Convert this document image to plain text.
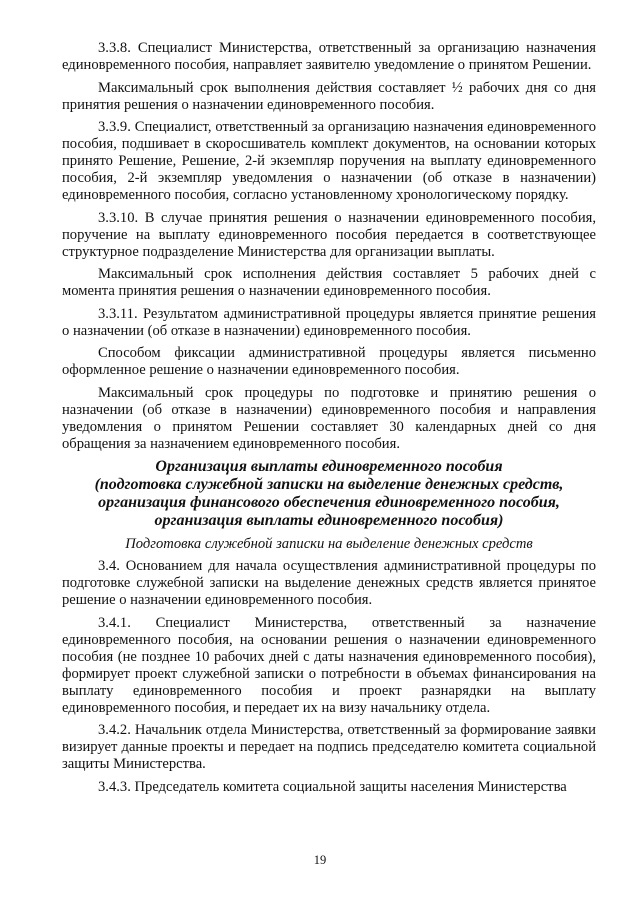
3.3.8. Специалист Министерства, ответственный за организацию назначения единовременного пособия, направляет заявителю уведомление о принятом Решении.

Максимальный срок выполнения действия составляет ½ рабочих дня со дня принятия решения о назначении единовременного пособия.

3.3.9. Специалист, ответственный за организацию назначения единовременного пособия, подшивает в скоросшиватель комплект документов, на основании которых принято Решение, Решение, 2-й экземпляр поручения на выплату единовременного пособия, 2-й экземпляр уведомления о назначении (об отказе в назначении) единовременного пособия, согласно установленному хронологическому порядку.

3.3.10. В случае принятия решения о назначении единовременного пособия, поручение на выплату единовременного пособия передается в соответствующее структурное подразделение Министерства для организации выплаты.

Максимальный срок исполнения действия составляет 5 рабочих дней с момента принятия решения о назначении единовременного пособия.

3.3.11. Результатом административной процедуры является принятие решения о назначении (об отказе в назначении) единовременного пособия.

Способом фиксации административной процедуры является письменно оформленное решение о назначении единовременного пособия.

Максимальный срок процедуры по подготовке и принятию решения о назначении (об отказе в назначении) единовременного пособия и направления уведомления о принятом Решении составляет 30 календарных дней со дня обращения за назначением единовременного пособия.

Организация выплаты единовременного пособия
(подготовка служебной записки на выделение денежных средств,
организация финансового обеспечения единовременного пособия,
организация выплаты единовременного пособия)

Подготовка служебной записки на выделение денежных средств

3.4. Основанием для начала осуществления административной процедуры по подготовке служебной записки на выделение денежных средств является принятое решение о назначении единовременного пособия.

3.4.1. Специалист Министерства, ответственный за назначение единовременного пособия, на основании решения о назначении единовременного пособия (не позднее 10 рабочих дней с даты назначения единовременного пособия), формирует проект служебной записки о потребности в объемах финансирования на выплату единовременного пособия и проект разнарядки на выплату единовременного пособия, и передает их на визу начальнику отдела.

3.4.2. Начальник отдела Министерства, ответственный за формирование заявки визирует данные проекты и передает на подпись председателю комитета социальной защиты Министерства.

3.4.3. Председатель комитета социальной защиты населения Министерства

19
